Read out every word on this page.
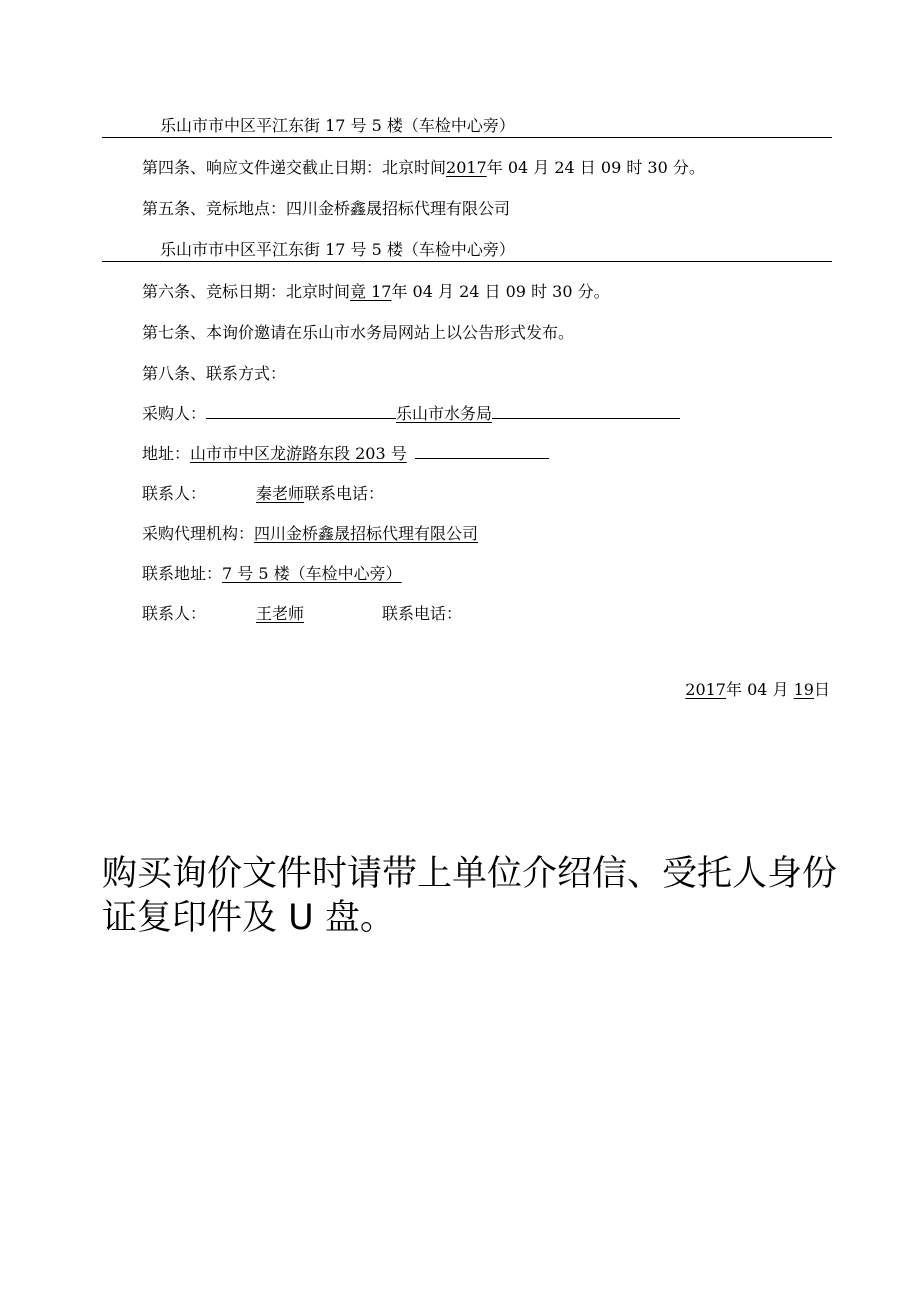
乐山市市中区平江东街 17 号 5 楼（车检中心旁）
第四条、响应文件递交截止日期：北京时间2017年 04 月 24 日 09 时 30 分。
第五条、竞标地点：四川金桥鑫晟招标代理有限公司
乐山市市中区平江东街 17 号 5 楼（车检中心旁）
第六条、竞标日期：北京时间竟 17年 04 月 24 日 09 时 30 分。
第七条、本询价邀请在乐山市水务局网站上以公告形式发布。
第八条、联系方式：
采购人：	乐山市水务局
地址：山市市中区龙游路东段 203 号
联系人：	秦老师联系电话：
采购代理机构：四川金桥鑫晟招标代理有限公司
联系地址：7 号 5 楼（车检中心旁）
联系人：	王老师	联系电话：
2017年 04 月 19日
购买询价文件时请带上单位介绍信、受托人身份
证复印件及 U 盘。
